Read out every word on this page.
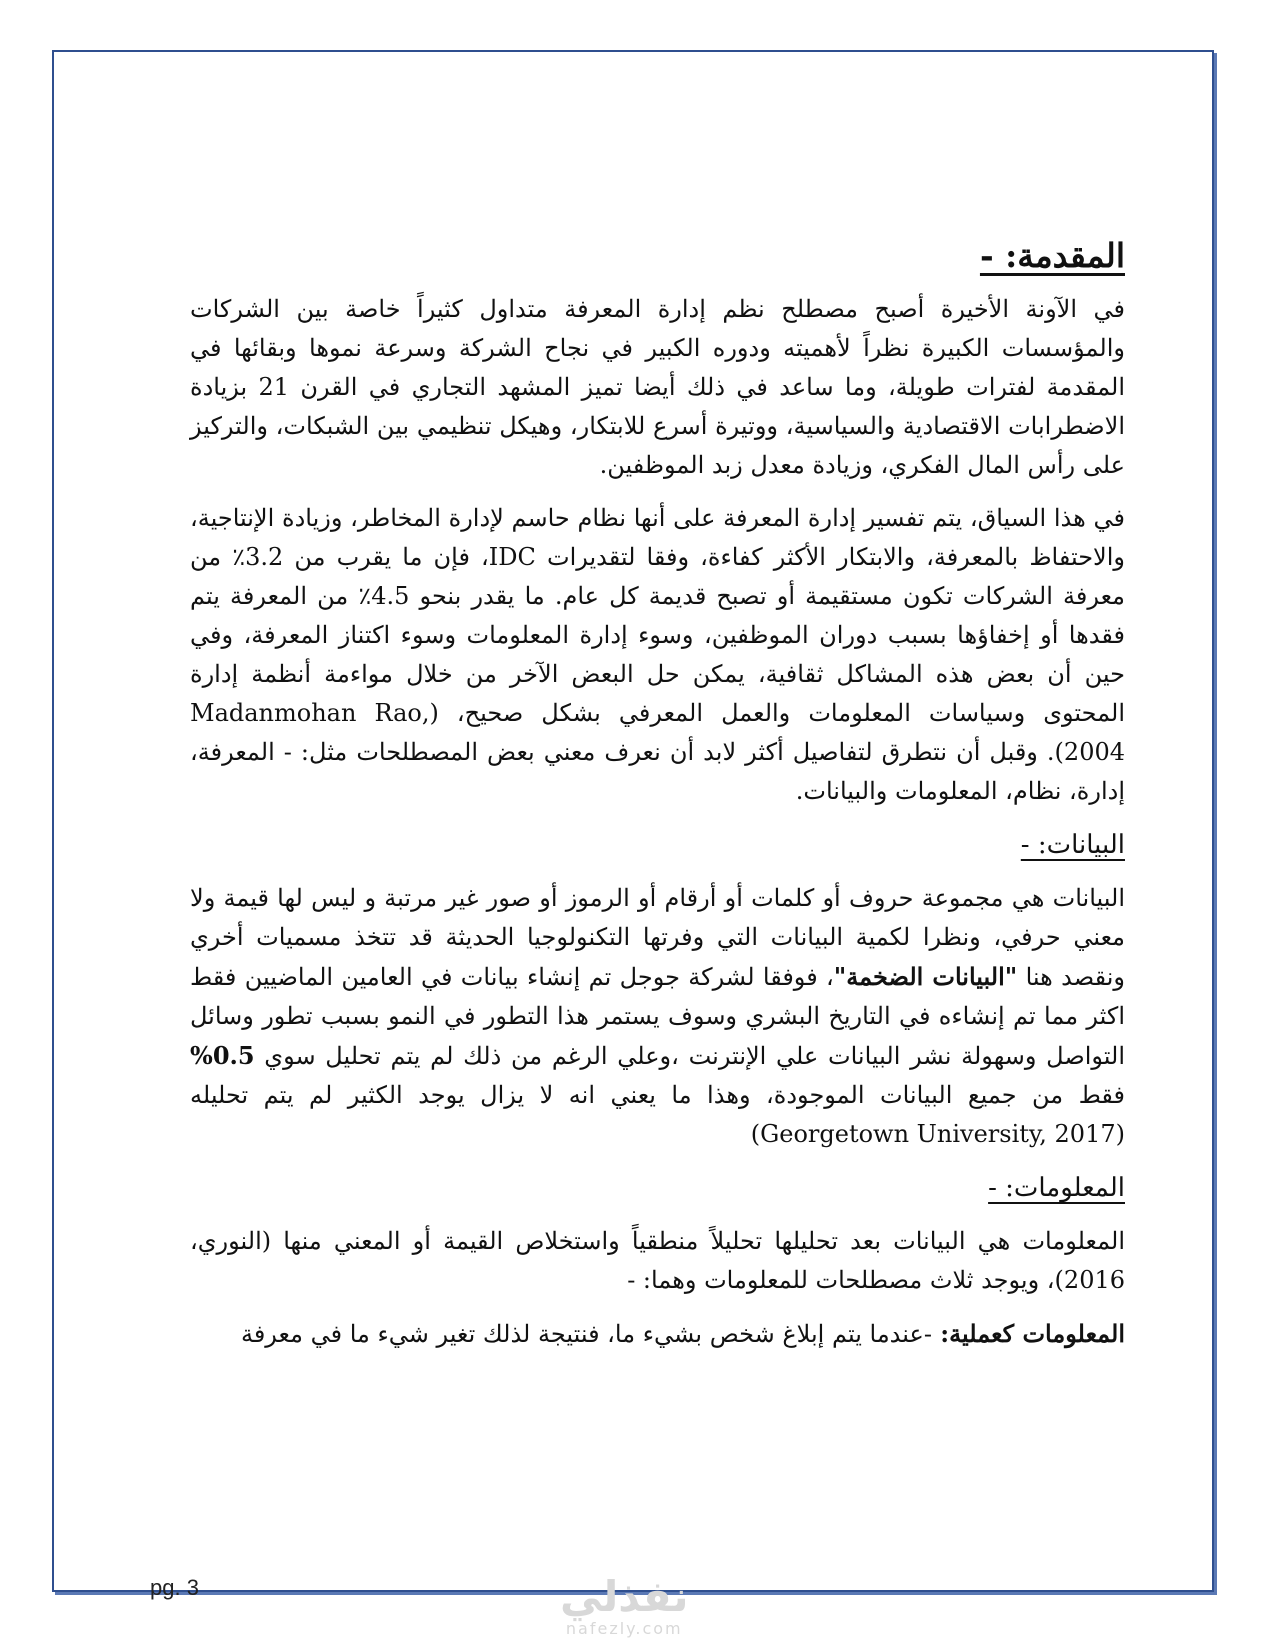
المقدمة: -

في الآونة الأخيرة أصبح مصطلح نظم إدارة المعرفة متداول كثيراً خاصة بين الشركات والمؤسسات الكبيرة نظراً لأهميته ودوره الكبير في نجاح الشركة وسرعة نموها وبقائها في المقدمة لفترات طويلة، وما ساعد في ذلك أيضا تميز المشهد التجاري في القرن 21 بزيادة الاضطرابات الاقتصادية والسياسية، ووتيرة أسرع للابتكار، وهيكل تنظيمي بين الشبكات، والتركيز على رأس المال الفكري، وزيادة معدل زبد الموظفين.

في هذا السياق، يتم تفسير إدارة المعرفة على أنها نظام حاسم لإدارة المخاطر، وزيادة الإنتاجية، والاحتفاظ بالمعرفة، والابتكار الأكثر كفاءة، وفقا لتقديرات IDC، فإن ما يقرب من 3.2٪ من معرفة الشركات تكون مستقيمة أو تصبح قديمة كل عام. ما يقدر بنحو 4.5٪ من المعرفة يتم فقدها أو إخفاؤها بسبب دوران الموظفين، وسوء إدارة المعلومات وسوء اكتناز المعرفة، وفي حين أن بعض هذه المشاكل ثقافية، يمكن حل البعض الآخر من خلال مواءمة أنظمة إدارة المحتوى وسياسات المعلومات والعمل المعرفي بشكل صحيح، (Madanmohan Rao, 2004). وقبل أن نتطرق لتفاصيل أكثر لابد أن نعرف معني بعض المصطلحات مثل: - المعرفة، إدارة، نظام، المعلومات والبيانات.

البيانات: -

البيانات هي مجموعة حروف أو كلمات أو أرقام أو الرموز أو صور غير مرتبة و ليس لها قيمة ولا معني حرفي، ونظرا لكمية البيانات التي وفرتها التكنولوجيا الحديثة قد تتخذ مسميات أخري ونقصد هنا "البيانات الضخمة"، فوفقا لشركة جوجل تم إنشاء بيانات في العامين الماضيين فقط اكثر مما تم إنشاءه في التاريخ البشري وسوف يستمر هذا التطور في النمو بسبب تطور وسائل التواصل وسهولة نشر البيانات علي الإنترنت ،وعلي الرغم من ذلك لم يتم تحليل سوي 0.5% فقط من جميع البيانات الموجودة، وهذا ما يعني انه لا يزال يوجد الكثير لم يتم تحليله (Georgetown University, 2017)

المعلومات: -

المعلومات هي البيانات بعد تحليلها تحليلاً منطقياً واستخلاص القيمة أو المعني منها (النوري، 2016)، ويوجد ثلاث مصطلحات للمعلومات وهما: -

المعلومات كعملية: -عندما يتم إبلاغ شخص بشيء ما، فنتيجة لذلك تغير شيء ما في معرفة

pg. 3	نفذلي
nafezly.com
